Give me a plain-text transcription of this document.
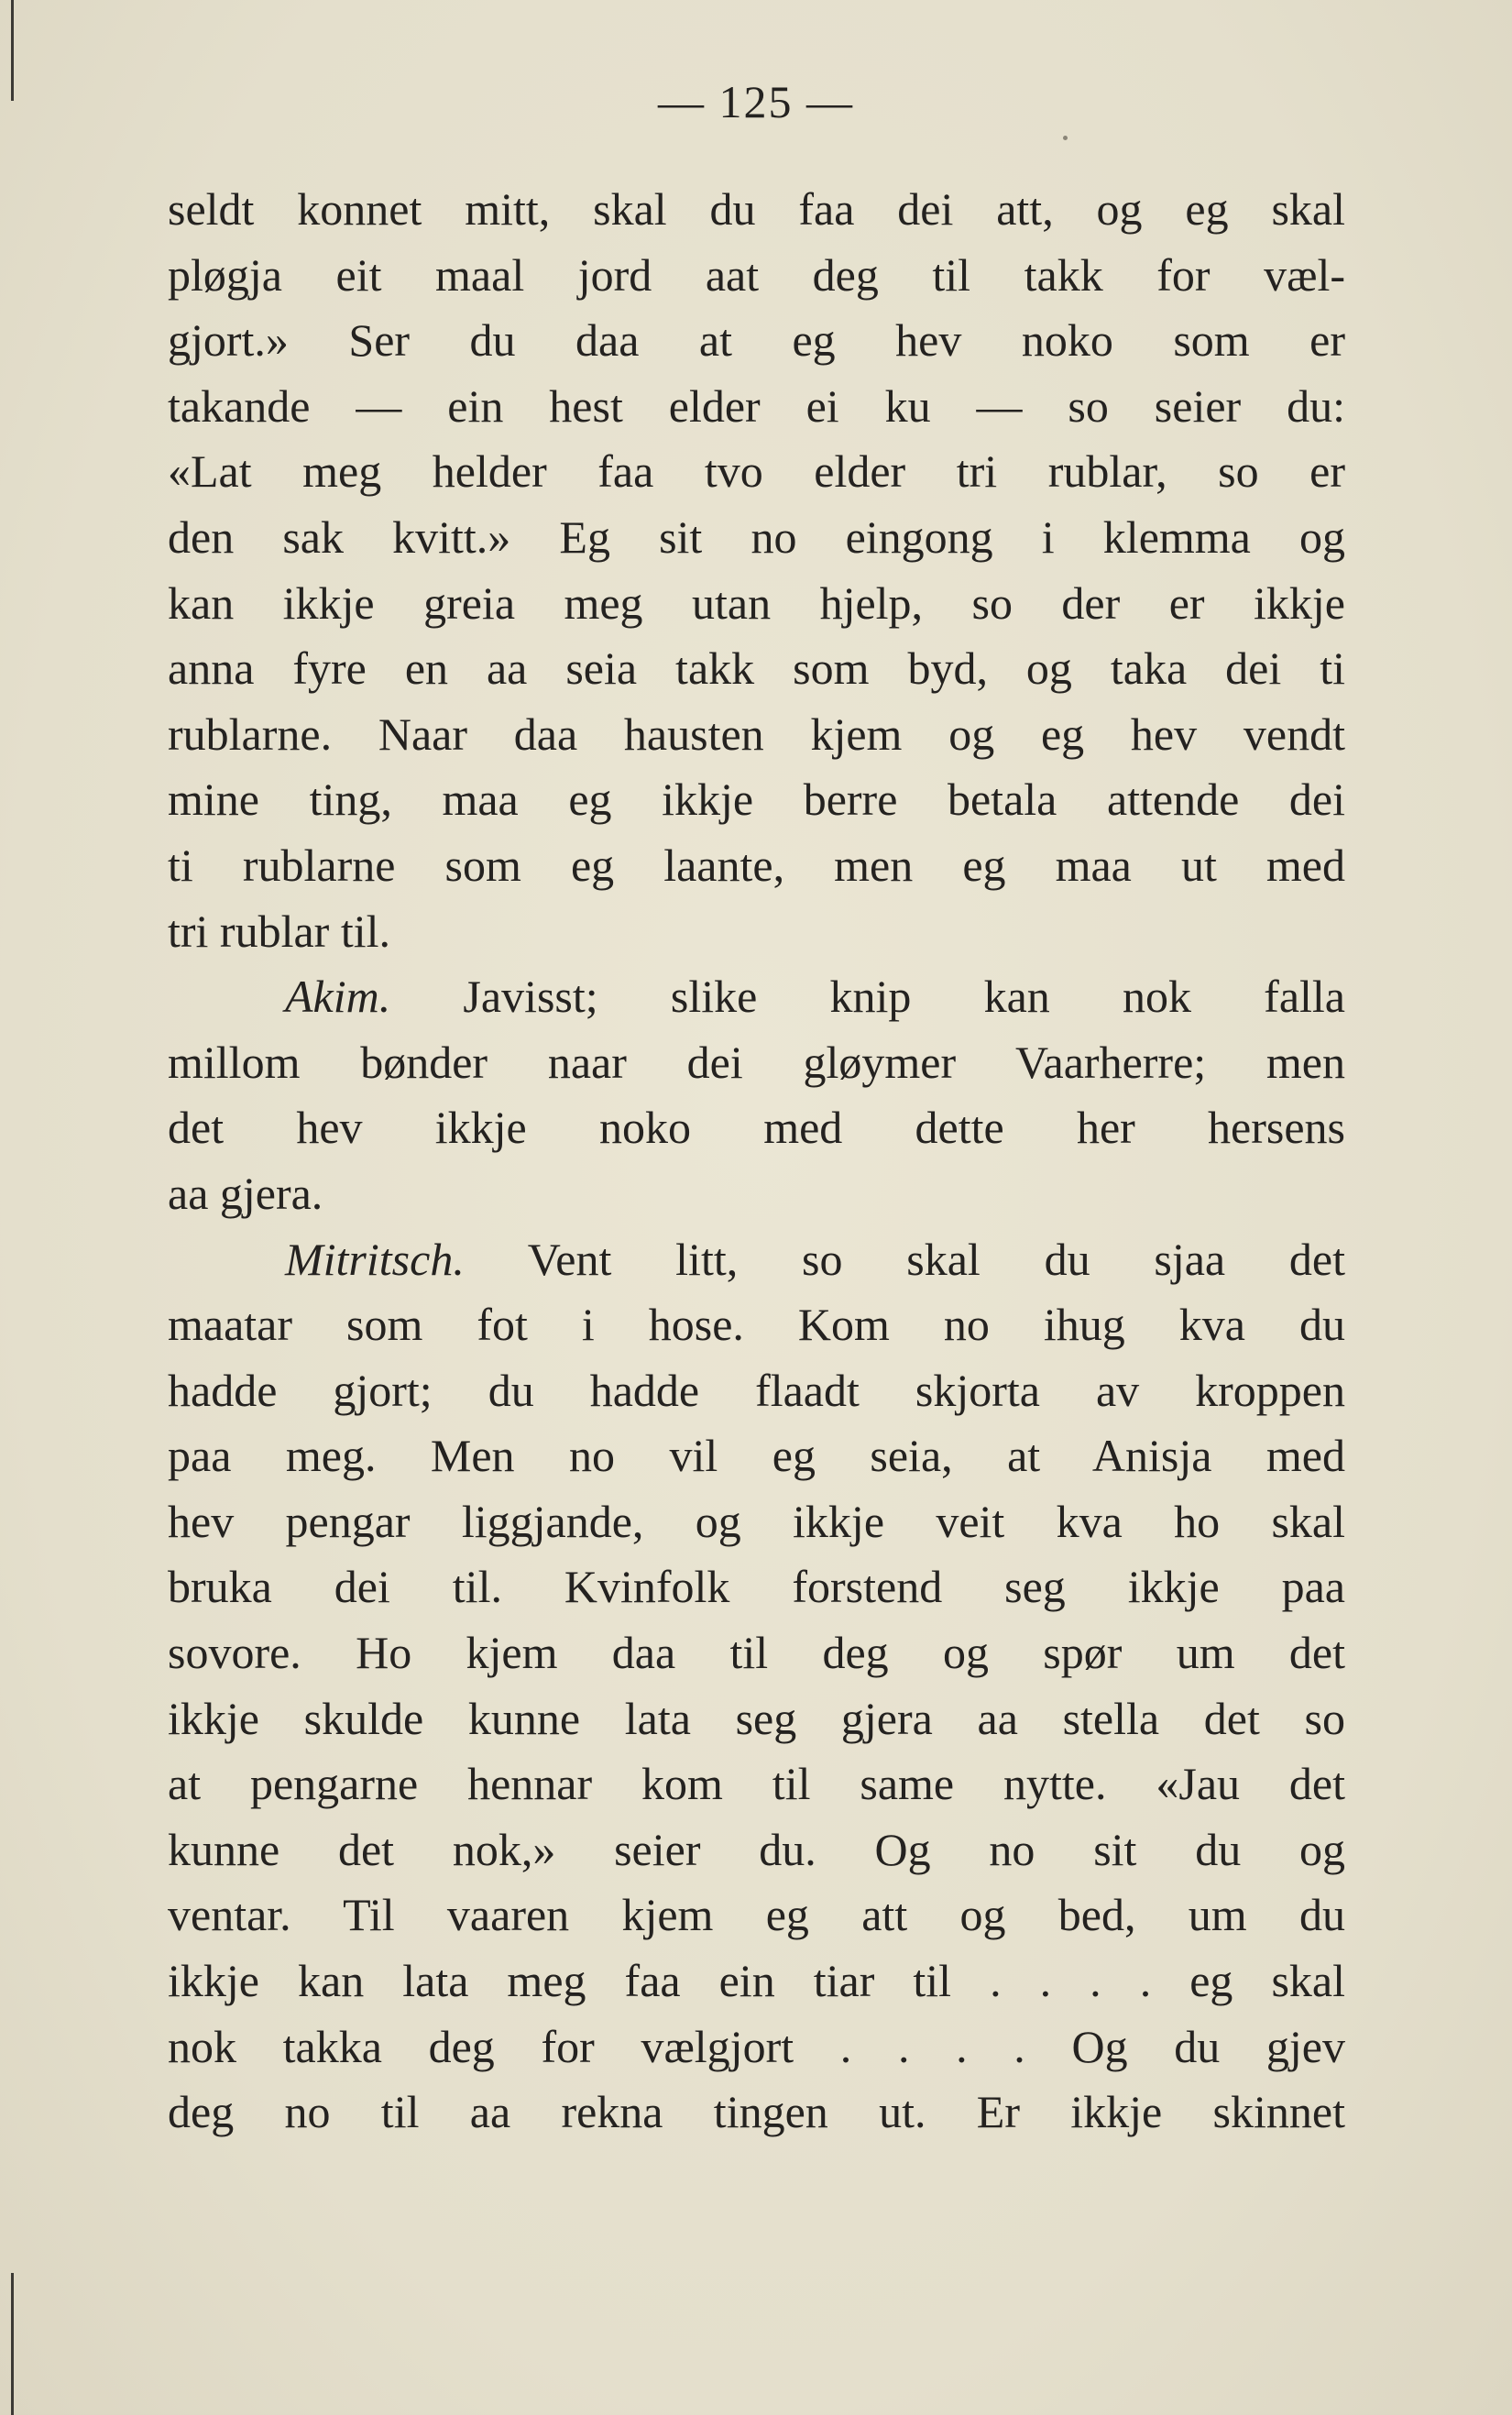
— 125 —
seldt konnet mitt, skal du faa dei att, og eg skal
pløgja eit maal jord aat deg til takk for væl-
gjort.» Ser du daa at eg hev noko som er
takande — ein hest elder ei ku — so seier du:
«Lat meg helder faa tvo elder tri rublar, so er
den sak kvitt.» Eg sit no eingong i klemma og
kan ikkje greia meg utan hjelp, so der er ikkje
anna fyre en aa seia takk som byd, og taka dei ti
rublarne. Naar daa hausten kjem og eg hev vendt
mine ting, maa eg ikkje berre betala attende dei
ti rublarne som eg laante, men eg maa ut med
tri rublar til.
Akim. Javisst; slike knip kan nok falla
millom bønder naar dei gløymer Vaarherre; men
det hev ikkje noko med dette her hersens
aa gjera.
Mitritsch. Vent litt, so skal du sjaa det
maatar som fot i hose. Kom no ihug kva du
hadde gjort; du hadde flaadt skjorta av kroppen
paa meg. Men no vil eg seia, at Anisja med
hev pengar liggjande, og ikkje veit kva ho skal
bruka dei til. Kvinfolk forstend seg ikkje paa
sovore. Ho kjem daa til deg og spør um det
ikkje skulde kunne lata seg gjera aa stella det so
at pengarne hennar kom til same nytte. «Jau det
kunne det nok,» seier du. Og no sit du og
ventar. Til vaaren kjem eg att og bed, um du
ikkje kan lata meg faa ein tiar til . . . . eg skal
nok takka deg for vælgjort . . . . Og du gjev
deg no til aa rekna tingen ut. Er ikkje skinnet
